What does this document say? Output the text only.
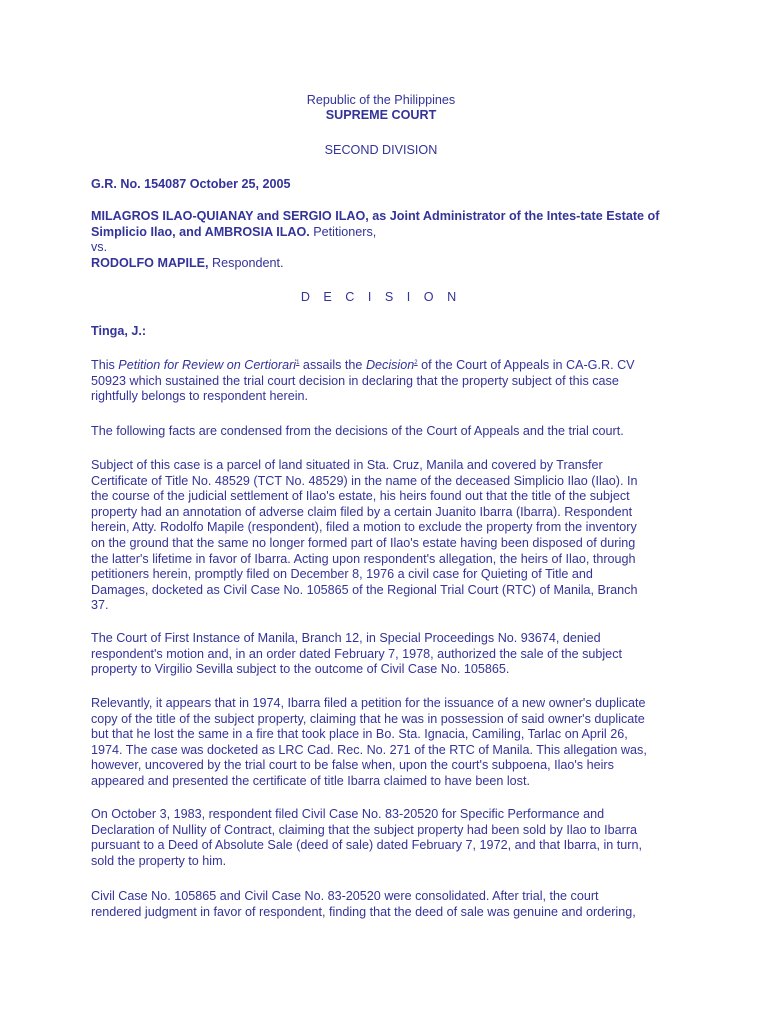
Republic of the Philippines
SUPREME COURT
SECOND DIVISION
G.R. No. 154087 October 25, 2005
MILAGROS ILAO-QUIANAY and SERGIO ILAO, as Joint Administrator of the Intes-tate Estate of Simplicio Ilao, and AMBROSIA ILAO. Petitioners,
vs.
RODOLFO MAPILE, Respondent.
D E C I S I O N
Tinga, J.:
This Petition for Review on Certiorari$^1$ assails the Decision$^2$ of the Court of Appeals in CA-G.R. CV
50923 which sustained the trial court decision in declaring that the property subject of this case
rightfully belongs to respondent herein.
The following facts are condensed from the decisions of the Court of Appeals and the trial court.
Subject of this case is a parcel of land situated in Sta. Cruz, Manila and covered by Transfer
Certificate of Title No. 48529 (TCT No. 48529) in the name of the deceased Simplicio Ilao (Ilao). In
the course of the judicial settlement of Ilao's estate, his heirs found out that the title of the subject
property had an annotation of adverse claim filed by a certain Juanito Ibarra (Ibarra). Respondent
herein, Atty. Rodolfo Mapile (respondent), filed a motion to exclude the property from the inventory
on the ground that the same no longer formed part of Ilao's estate having been disposed of during
the latter's lifetime in favor of Ibarra. Acting upon respondent's allegation, the heirs of Ilao, through
petitioners herein, promptly filed on December 8, 1976 a civil case for Quieting of Title and
Damages, docketed as Civil Case No. 105865 of the Regional Trial Court (RTC) of Manila, Branch
37.
The Court of First Instance of Manila, Branch 12, in Special Proceedings No. 93674, denied
respondent's motion and, in an order dated February 7, 1978, authorized the sale of the subject
property to Virgilio Sevilla subject to the outcome of Civil Case No. 105865.
Relevantly, it appears that in 1974, Ibarra filed a petition for the issuance of a new owner's duplicate
copy of the title of the subject property, claiming that he was in possession of said owner's duplicate
but that he lost the same in a fire that took place in Bo. Sta. Ignacia, Camiling, Tarlac on April 26,
1974. The case was docketed as LRC Cad. Rec. No. 271 of the RTC of Manila. This allegation was,
however, uncovered by the trial court to be false when, upon the court's subpoena, Ilao's heirs
appeared and presented the certificate of title Ibarra claimed to have been lost.
On October 3, 1983, respondent filed Civil Case No. 83-20520 for Specific Performance and
Declaration of Nullity of Contract, claiming that the subject property had been sold by Ilao to Ibarra
pursuant to a Deed of Absolute Sale (deed of sale) dated February 7, 1972, and that Ibarra, in turn,
sold the property to him.
Civil Case No. 105865 and Civil Case No. 83-20520 were consolidated. After trial, the court
rendered judgment in favor of respondent, finding that the deed of sale was genuine and ordering,
